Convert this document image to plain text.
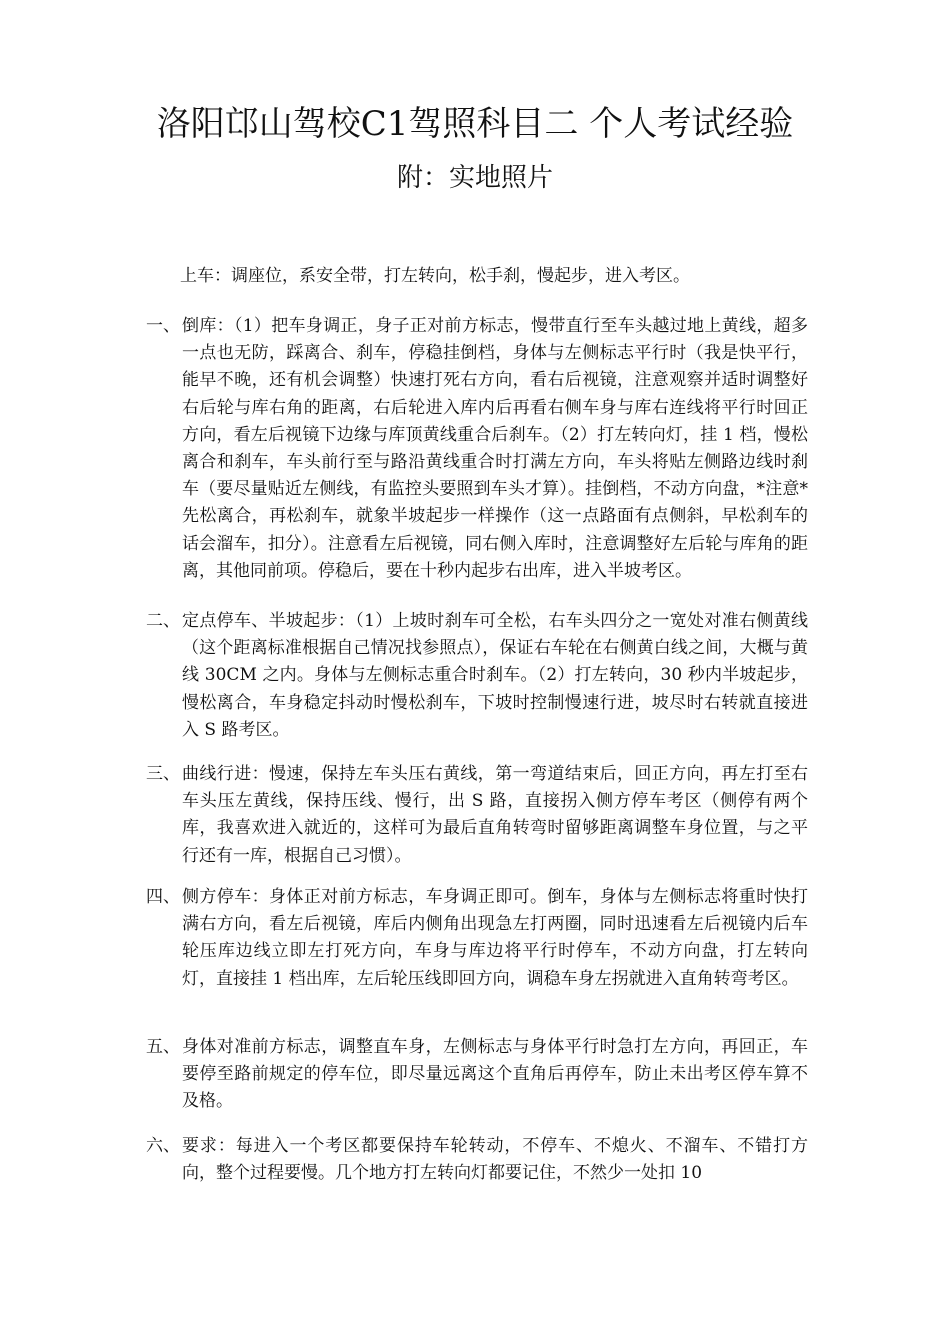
洛阳邙山驾校C1驾照科目二 个人考试经验
附：实地照片
上车：调座位，系安全带，打左转向，松手刹，慢起步，进入考区。
一、 倒库：（1）把车身调正，身子正对前方标志，慢带直行至车头越过地上黄线，超多一点也无防，踩离合、刹车，停稳挂倒档，身体与左侧标志平行时（我是快平行，能早不晚，还有机会调整）快速打死右方向，看右后视镜，注意观察并适时调整好右后轮与库右角的距离，右后轮进入库内后再看右侧车身与库右连线将平行时回正方向，看左后视镜下边缘与库顶黄线重合后刹车。（2）打左转向灯，挂 1 档，慢松离合和刹车，车头前行至与路沿黄线重合时打满左方向，车头将贴左侧路边线时刹车（要尽量贴近左侧线，有监控头要照到车头才算）。挂倒档，不动方向盘，*注意*先松离合，再松刹车，就象半坡起步一样操作（这一点路面有点侧斜，早松刹车的话会溜车，扣分）。注意看左后视镜，同右侧入库时，注意调整好左后轮与库角的距离，其他同前项。停稳后，要在十秒内起步右出库，进入半坡考区。
二、 定点停车、半坡起步：（1）上坡时刹车可全松，右车头四分之一宽处对准右侧黄线（这个距离标准根据自己情况找参照点），保证右车轮在右侧黄白线之间，大概与黄线 30CM 之内。身体与左侧标志重合时刹车。（2）打左转向，30 秒内半坡起步，慢松离合，车身稳定抖动时慢松刹车，下坡时控制慢速行进，坡尽时右转就直接进入 S 路考区。
三、 曲线行进：慢速，保持左车头压右黄线，第一弯道结束后，回正方向，再左打至右车头压左黄线，保持压线、慢行，出 S 路，直接拐入侧方停车考区（侧停有两个库，我喜欢进入就近的，这样可为最后直角转弯时留够距离调整车身位置，与之平行还有一库，根据自己习惯）。
四、 侧方停车：身体正对前方标志，车身调正即可。倒车，身体与左侧标志将重时快打满右方向，看左后视镜，库后内侧角出现急左打两圈，同时迅速看左后视镜内后车轮压库边线立即左打死方向，车身与库边将平行时停车，不动方向盘，打左转向灯，直接挂 1 档出库，左后轮压线即回方向，调稳车身左拐就进入直角转弯考区。
五、 身体对准前方标志，调整直车身，左侧标志与身体平行时急打左方向，再回正，车要停至路前规定的停车位，即尽量远离这个直角后再停车，防止未出考区停车算不及格。
六、 要求：每进入一个考区都要保持车轮转动，不停车、不熄火、不溜车、不错打方向，整个过程要慢。几个地方打左转向灯都要记住，不然少一处扣 10
